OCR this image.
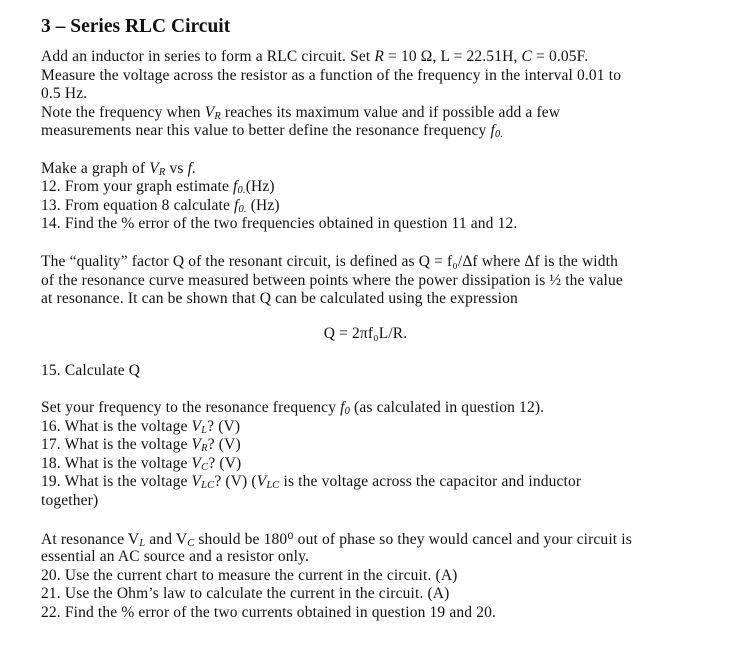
3 – Series RLC Circuit
Add an inductor in series to form a RLC circuit. Set R = 10 Ω, L = 22.51H, C = 0.05F.
Measure the voltage across the resistor as a function of the frequency in the interval 0.01 to
0.5 Hz.
Note the frequency when VR reaches its maximum value and if possible add a few
measurements near this value to better define the resonance frequency f0.
Make a graph of VR vs f.
12. From your graph estimate f0.(Hz)
13. From equation 8 calculate f0. (Hz)
14. Find the % error of the two frequencies obtained in question 11 and 12.
The “quality” factor Q of the resonant circuit, is defined as Q = f₀/Δf where Δf is the width
of the resonance curve measured between points where the power dissipation is ½ the value
at resonance. It can be shown that Q can be calculated using the expression
Q = 2πf₀L/R.
15. Calculate Q
Set your frequency to the resonance frequency f0 (as calculated in question 12).
16. What is the voltage VL? (V)
17. What is the voltage VR? (V)
18. What is the voltage VC? (V)
19. What is the voltage VLC? (V) (VLC is the voltage across the capacitor and inductor
together)
At resonance VL and VC should be 180⁰ out of phase so they would cancel and your circuit is
essential an AC source and a resistor only.
20. Use the current chart to measure the current in the circuit. (A)
21. Use the Ohm’s law to calculate the current in the circuit. (A)
22. Find the % error of the two currents obtained in question 19 and 20.
